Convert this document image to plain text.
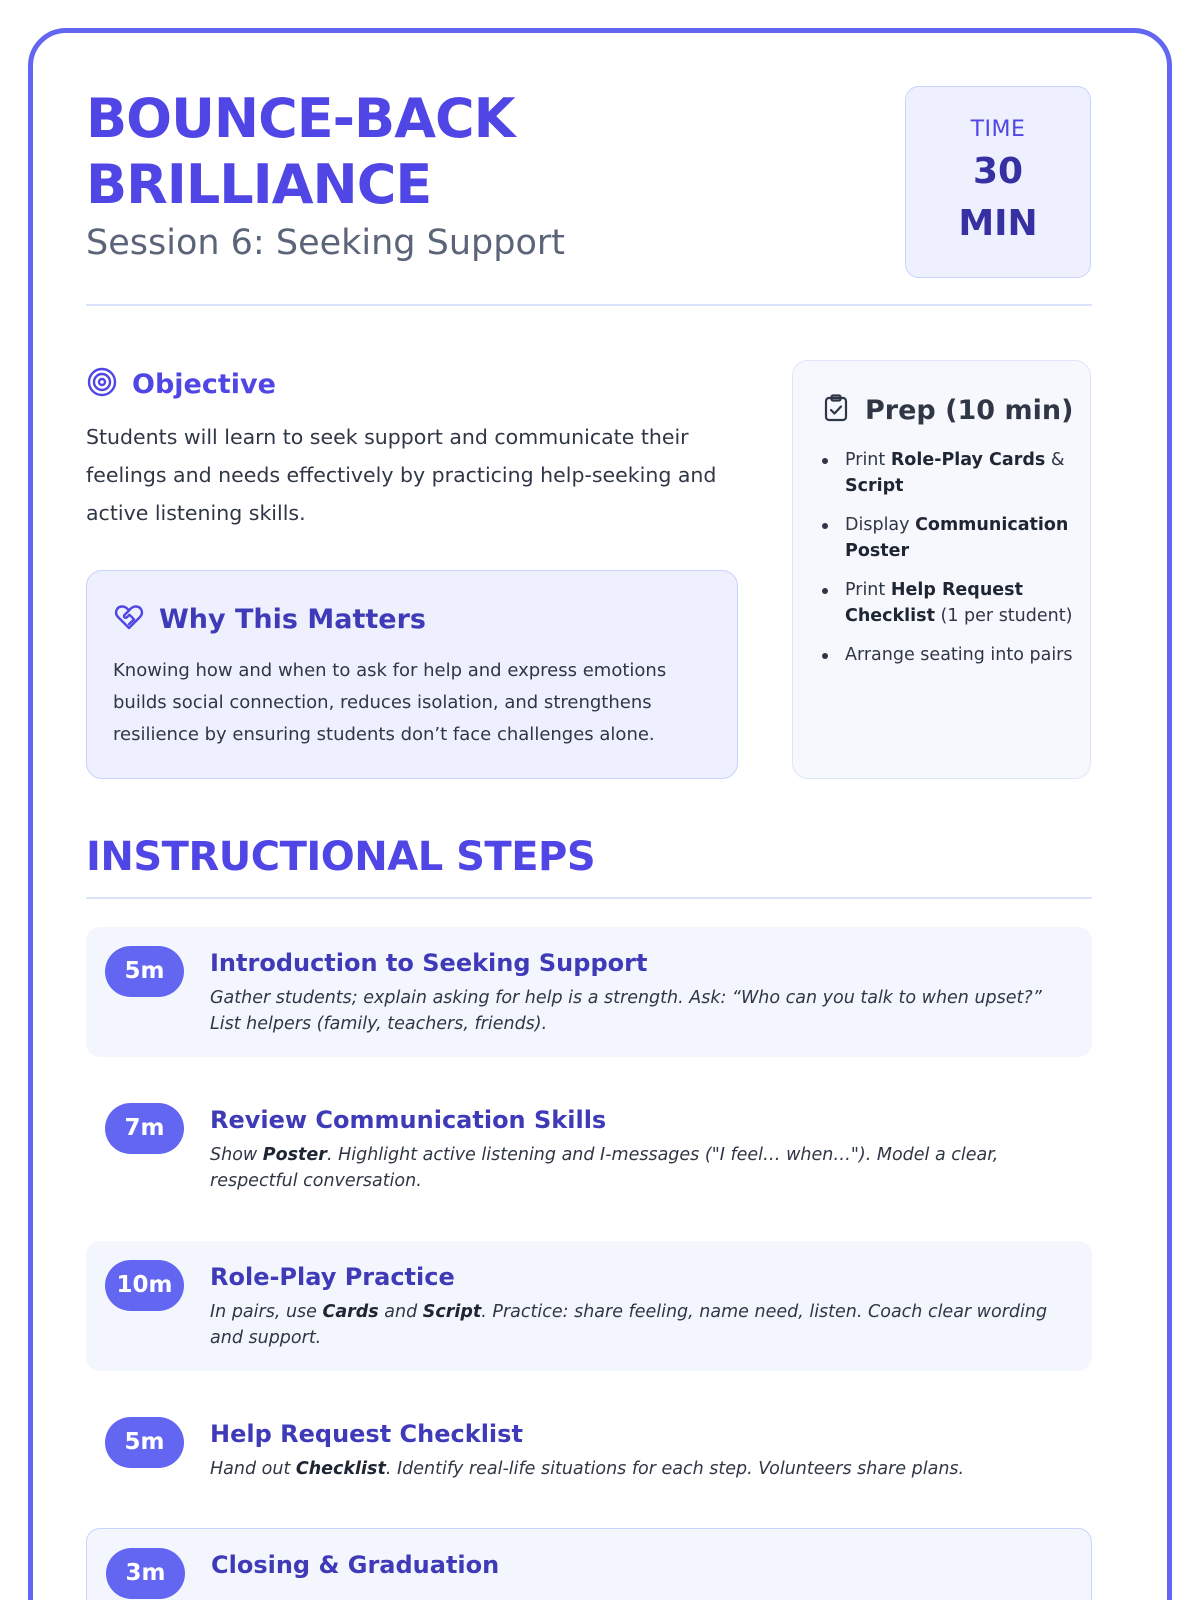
BOUNCE-BACK
BRILLIANCE
Session 6: Seeking Support
TIME
30
MIN
Objective
Students will learn to seek support and communicate their feelings and needs effectively by practicing help-seeking and active listening skills.
Why This Matters
Knowing how and when to ask for help and express emotions builds social connection, reduces isolation, and strengthens resilience by ensuring students don’t face challenges alone.
Prep (10 min)
Print Role-Play Cards & Script
Display Communication Poster
Print Help Request Checklist (1 per student)
Arrange seating into pairs
INSTRUCTIONAL STEPS
5m	Introduction to Seeking Support
Gather students; explain asking for help is a strength. Ask: “Who can you talk to when upset?” List helpers (family, teachers, friends).
7m	Review Communication Skills
Show Poster. Highlight active listening and I-messages ("I feel… when…"). Model a clear, respectful conversation.
10m	Role-Play Practice
In pairs, use Cards and Script. Practice: share feeling, name need, listen. Coach clear wording and support.
5m	Help Request Checklist
Hand out Checklist. Identify real-life situations for each step. Volunteers share plans.
3m	Closing & Graduation
